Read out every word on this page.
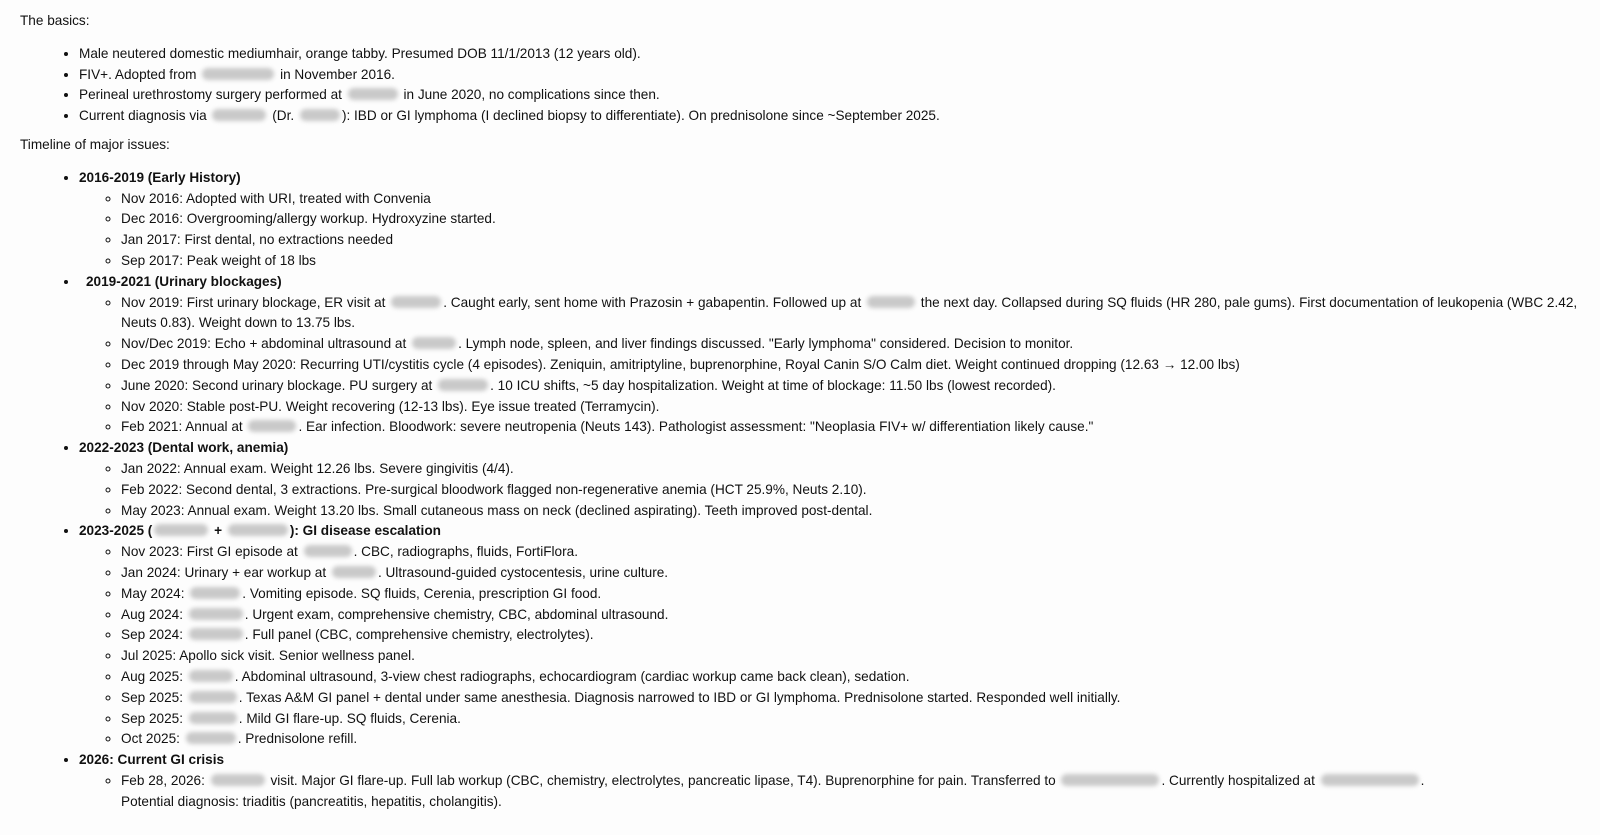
The basics:

• Male neutered domestic mediumhair, orange tabby. Presumed DOB 11/1/2013 (12 years old).
• FIV+. Adopted from	in November 2016.
• Perineal urethrostomy surgery performed at	in June 2020, no complications since then.
• Current diagnosis via	(Dr.	): IBD or GI lymphoma (I declined biopsy to differentiate). On prednisolone since ~September 2025.

Timeline of major issues:

• 2016-2019 (Early History)
◦ Nov 2016: Adopted with URI, treated with Convenia
◦ Dec 2016: Overgrooming/allergy workup. Hydroxyzine started.
◦ Jan 2017: First dental, no extractions needed
◦ Sep 2017: Peak weight of 18 lbs
• 2019-2021 (Urinary blockages)
◦ Nov 2019: First urinary blockage, ER visit at	. Caught early, sent home with Prazosin + gabapentin. Followed up at	the next day. Collapsed during SQ fluids (HR 280, pale gums). First documentation of leukopenia (WBC 2.42, Neuts 0.83). Weight down to 13.75 lbs.
◦ Nov/Dec 2019: Echo + abdominal ultrasound at	. Lymph node, spleen, and liver findings discussed. "Early lymphoma" considered. Decision to monitor.
◦ Dec 2019 through May 2020: Recurring UTI/cystitis cycle (4 episodes). Zeniquin, amitriptyline, buprenorphine, Royal Canin S/O Calm diet. Weight continued dropping (12.63 → 12.00 lbs)
◦ June 2020: Second urinary blockage. PU surgery at	. 10 ICU shifts, ~5 day hospitalization. Weight at time of blockage: 11.50 lbs (lowest recorded).
◦ Nov 2020: Stable post-PU. Weight recovering (12-13 lbs). Eye issue treated (Terramycin).
◦ Feb 2021: Annual at	. Ear infection. Bloodwork: severe neutropenia (Neuts 143). Pathologist assessment: "Neoplasia FIV+ w/ differentiation likely cause."
• 2022-2023 (Dental work, anemia)
◦ Jan 2022: Annual exam. Weight 12.26 lbs. Severe gingivitis (4/4).
◦ Feb 2022: Second dental, 3 extractions. Pre-surgical bloodwork flagged non-regenerative anemia (HCT 25.9%, Neuts 2.10).
◦ May 2023: Annual exam. Weight 13.20 lbs. Small cutaneous mass on neck (declined aspirating). Teeth improved post-dental.
• 2023-2025 (	+	): GI disease escalation
◦ Nov 2023: First GI episode at	. CBC, radiographs, fluids, FortiFlora.
◦ Jan 2024: Urinary + ear workup at	. Ultrasound-guided cystocentesis, urine culture.
◦ May 2024:	. Vomiting episode. SQ fluids, Cerenia, prescription GI food.
◦ Aug 2024:	. Urgent exam, comprehensive chemistry, CBC, abdominal ultrasound.
◦ Sep 2024:	. Full panel (CBC, comprehensive chemistry, electrolytes).
◦ Jul 2025: Apollo sick visit. Senior wellness panel.
◦ Aug 2025:	. Abdominal ultrasound, 3-view chest radiographs, echocardiogram (cardiac workup came back clean), sedation.
◦ Sep 2025:	. Texas A&M GI panel + dental under same anesthesia. Diagnosis narrowed to IBD or GI lymphoma. Prednisolone started. Responded well initially.
◦ Sep 2025:	. Mild GI flare-up. SQ fluids, Cerenia.
◦ Oct 2025:	. Prednisolone refill.
• 2026: Current GI crisis
◦ Feb 28, 2026:	visit. Major GI flare-up. Full lab workup (CBC, chemistry, electrolytes, pancreatic lipase, T4). Buprenorphine for pain. Transferred to	. Currently hospitalized at	.
Potential diagnosis: triaditis (pancreatitis, hepatitis, cholangitis).
